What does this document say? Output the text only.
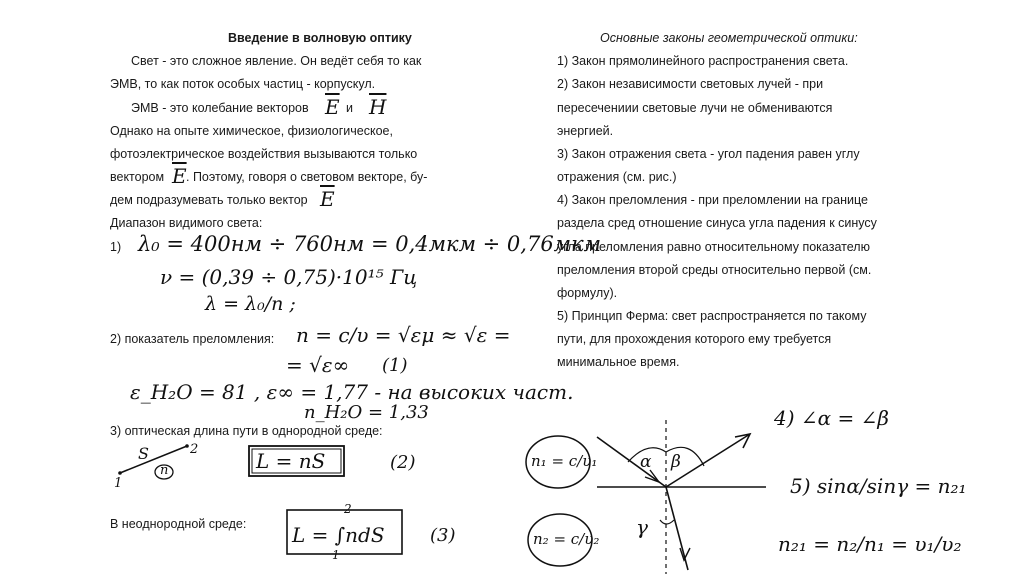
Введение в волновую оптику
Свет - это сложное явление. Он ведёт себя то как
ЭМВ, то как поток особых частиц - корпускул.
ЭМВ - это колебание векторов $\overline{E}$ и $\overline{H}$
Однако на опыте химическое, физиологическое,
фотоэлектрическое воздействия вызываются только
вектором $\overline{E}$ . Поэтому, говоря о световом векторе, бу-
дем подразумевать только вектор $\overline{E}$
Диапазон видимого света:
1) λ₀ = 400нм ÷ 760нм = 0,4мкм ÷ 0,76мкм
ν = (0,39 ÷ 0,75)·10¹⁵ Гц
λ = λ₀/n ;
2) показатель преломления: n = c/υ = √εμ ≈ √ε =
= √ε∞ (1)
ε_H₂O = 81 , ε∞ = 1,77 - на высоких част.
n_H₂O = 1,33
3) оптическая длина пути в однородной среде:
S
n
1
2	L = nS	(2)
В неоднородной среде: L = ∫ndS
2
1
(3)
Основные законы геометрической оптики:
1) Закон прямолинейного распространения света.
2) Закон независимости световых лучей - при
пересечениии световые лучи не обмениваются
энергией.
3) Закон отражения света - угол падения равен углу
отражения (см. рис.)
4) Закон преломления - при преломлении на границе
раздела сред отношение синуса угла падения к синусу
угла преломления равно относительному показателю
преломления второй среды относительно первой (см.
формулу).
5) Принцип Ферма: свет распространяется по такому
пути, для прохождения которого ему требуется
минимальное время.
n₁ = c/υ₁
n₂ = c/υ₂
α β
γ
4) ∠α = ∠β
5) sinα/sinγ = n₂₁
n₂₁ = n₂/n₁ = υ₁/υ₂
